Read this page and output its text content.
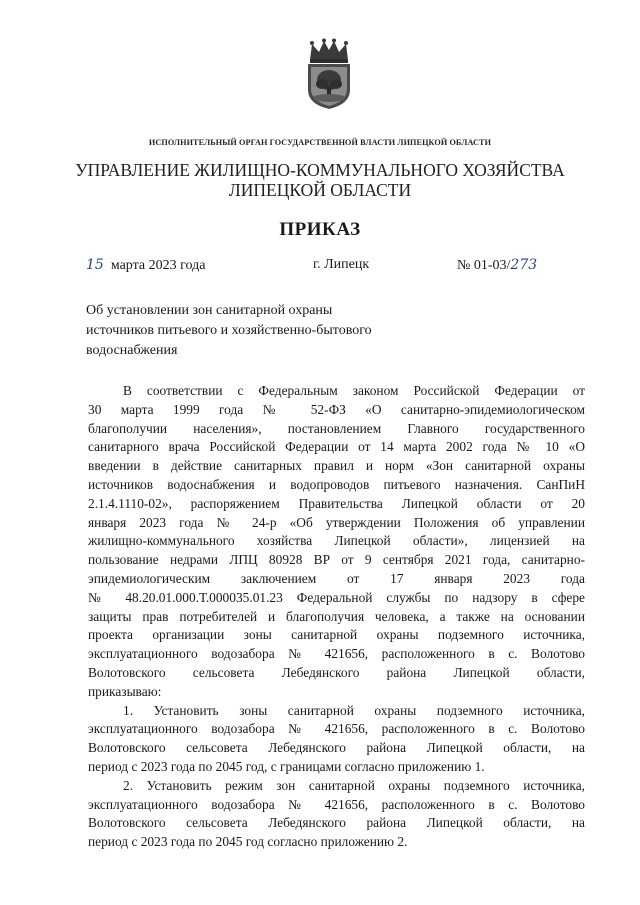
ИСПОЛНИТЕЛЬНЫЙ ОРГАН ГОСУДАРСТВЕННОЙ ВЛАСТИ ЛИПЕЦКОЙ ОБЛАСТИ
УПРАВЛЕНИЕ ЖИЛИЩНО-КОММУНАЛЬНОГО ХОЗЯЙСТВА
ЛИПЕЦКОЙ ОБЛАСТИ
ПРИКАЗ
15 марта 2023 года	г. Липецк	№ 01-03/273
Об установлении зон санитарной охраны
источников питьевого и хозяйственно-бытового
водоснабжения

В соответствии с Федеральным законом Российской Федерации от
30 марта 1999 года № 52-ФЗ «О санитарно-эпидемиологическом
благополучии населения», постановлением Главного государственного
санитарного врача Российской Федерации от 14 марта 2002 года № 10 «О
введении в действие санитарных правил и норм «Зон санитарной охраны
источников водоснабжения и водопроводов питьевого назначения. СанПиН
2.1.4.1110-02», распоряжением Правительства Липецкой области от 20
января 2023 года № 24-р «Об утверждении Положения об управлении
жилищно-коммунального хозяйства Липецкой области», лицензией на
пользование недрами ЛПЦ 80928 ВР от 9 сентября 2021 года, санитарно-
эпидемиологическим заключением от 17 января 2023 года
№ 48.20.01.000.Т.000035.01.23 Федеральной службы по надзору в сфере
защиты прав потребителей и благополучия человека, а также на основании
проекта организации зоны санитарной охраны подземного источника,
эксплуатационного водозабора № 421656, расположенного в с. Волотово
Волотовского сельсовета Лебедянского района Липецкой области,
приказываю:

1. Установить зоны санитарной охраны подземного источника,
эксплуатационного водозабора № 421656, расположенного в с. Волотово
Волотовского сельсовета Лебедянского района Липецкой области, на
период с 2023 года по 2045 год, с границами согласно приложению 1.

2. Установить режим зон санитарной охраны подземного источника,
эксплуатационного водозабора № 421656, расположенного в с. Волотово
Волотовского сельсовета Лебедянского района Липецкой области, на
период с 2023 года по 2045 год согласно приложению 2.
